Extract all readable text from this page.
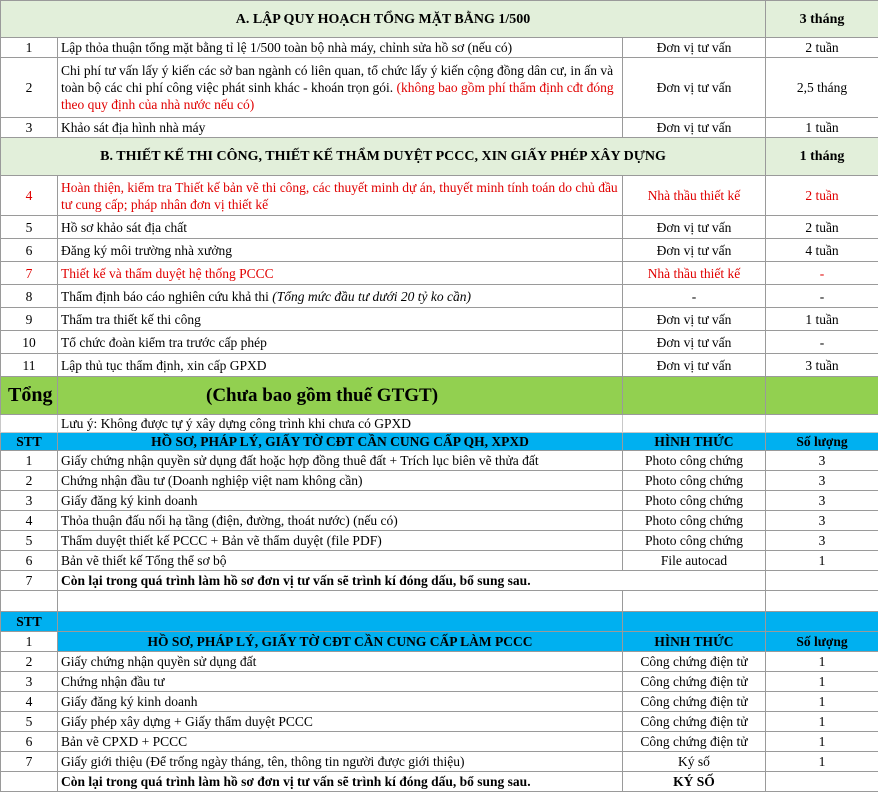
A. LẬP QUY HOẠCH TỔNG MẶT BẰNG 1/500			3 tháng
1	Lập thỏa thuận tổng mặt bằng tỉ lệ 1/500 toàn bộ nhà máy, chỉnh sửa hồ sơ (nếu có)	Đơn vị tư vấn	2 tuần
2	Chi phí tư vấn lấy ý kiến các sở ban ngành có liên quan, tổ chức lấy ý kiến cộng đồng dân cư, in ấn và toàn bộ các chi phí công việc phát sinh khác - khoán trọn gói. (không bao gồm phí thẩm định cđt đóng theo quy định của nhà nước nếu có)	Đơn vị tư vấn	2,5 tháng
3	Khảo sát địa hình nhà máy	Đơn vị tư vấn	1 tuần
B. THIẾT KẾ THI CÔNG, THIẾT KẾ THẨM DUYỆT PCCC, XIN GIẤY PHÉP XÂY DỰNG			1 tháng
4	Hoàn thiện, kiểm tra Thiết kế bản vẽ thi công, các thuyết minh dự án, thuyết minh tính toán do chủ đầu tư cung cấp; pháp nhân đơn vị thiết kế	Nhà thầu thiết kế	2 tuần
5	Hồ sơ khảo sát địa chất	Đơn vị tư vấn	2 tuần
6	Đăng ký môi trường nhà xưởng	Đơn vị tư vấn	4 tuần
7	Thiết kế và thẩm duyệt hệ thống PCCC	Nhà thầu thiết kế	-
8	Thẩm định báo cáo nghiên cứu khả thi (Tổng mức đầu tư dưới 20 tỷ ko cần)	-	-
9	Thẩm tra thiết kế thi công	Đơn vị tư vấn	1 tuần
10	Tổ chức đoàn kiểm tra trước cấp phép	Đơn vị tư vấn	-
11	Lập thủ tục thẩm định, xin cấp GPXD	Đơn vị tư vấn	3 tuần
Tổng	(Chưa bao gồm thuế GTGT)		
	Lưu ý: Không được tự ý xây dựng công trình khi chưa có GPXD		
STT	HỒ SƠ, PHÁP LÝ, GIẤY TỜ CĐT CẦN CUNG CẤP QH, XPXD	HÌNH THỨC	Số lượng
1	Giấy chứng nhận quyền sử dụng đất hoặc hợp đồng thuê đất + Trích lục biên vẽ thửa đất	Photo công chứng	3
2	Chứng nhận đầu tư (Doanh nghiệp việt nam không cần)	Photo công chứng	3
3	Giấy đăng ký kinh doanh	Photo công chứng	3
4	Thỏa thuận đấu nối hạ tầng (điện, đường, thoát nước) (nếu có)	Photo công chứng	3
5	Thẩm duyệt thiết kế PCCC + Bản vẽ thẩm duyệt (file PDF)	Photo công chứng	3
6	Bản vẽ thiết kế Tổng thể sơ bộ	File autocad	1
7	Còn lại trong quá trình làm hồ sơ đơn vị tư vấn sẽ trình kí đóng dấu, bổ sung sau.		

STT			
1	HỒ SƠ, PHÁP LÝ, GIẤY TỜ CĐT CẦN CUNG CẤP LÀM PCCC	HÌNH THỨC	Số lượng
2	Giấy chứng nhận quyền sử dụng đất	Công chứng điện tử	1
3	Chứng nhận đầu tư	Công chứng điện tử	1
4	Giấy đăng ký kinh doanh	Công chứng điện tử	1
5	Giấy phép xây dựng + Giấy thẩm duyệt PCCC	Công chứng điện tử	1
6	Bản vẽ CPXD + PCCC	Công chứng điện tử	1
7	Giấy giới thiệu (Để trống ngày tháng, tên, thông tin người được giới thiệu)	Ký số	1
	Còn lại trong quá trình làm hồ sơ đơn vị tư vấn sẽ trình kí đóng dấu, bổ sung sau.	KÝ SỐ	
